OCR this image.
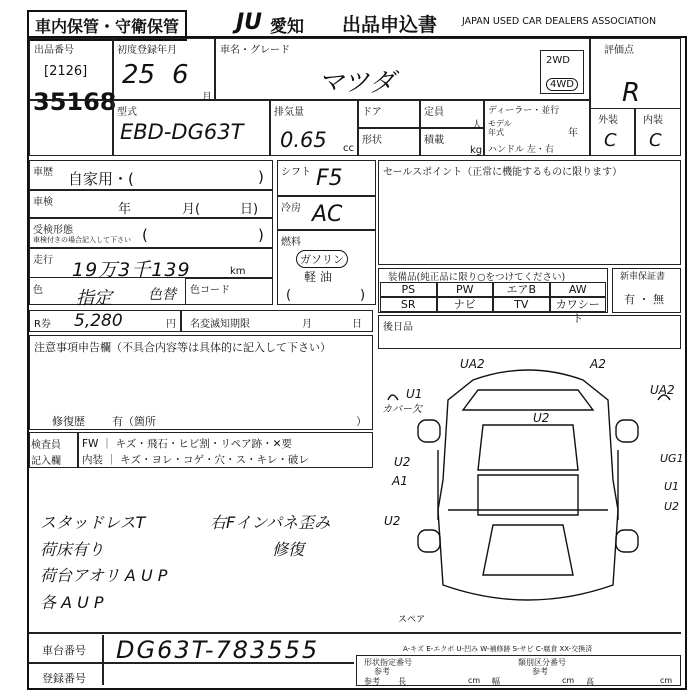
車内保管・守衛保管	JU 愛知 出品申込書	JAPAN USED CAR DEALERS ASSOCIATION
出品番号
[2126]
35168
初度登録年月
25 6
月
車名・グレード
マツダ
2WD
4WD
評価点
R
外装	内装
C C
型式
EBD-DG63T
排気量
0.65 cc
ドア	定員
人
形状	積載
kg
ディーラー・並行
モデル
年式	年
ハンドル 左・右
車歴 自家用・(	)
車検	年	月(	日)
受検形態
車検付きの場合記入して下さい (	)
走行 19万3千139	km
色 指定	色替 色コード
シフト F5
冷房 AC
燃料
ガソリン
軽 油
(	)
セールスポイント（正常に機能するものに限ります）
装備品(純正品に限り○をつけてください)
PS	PW	エアB	AW
SR	ナビ	TV	カワシート
新車保証書
有 ・ 無
R券 5,280	円 名変滅知期限	月	日 後日品
注意事項申告欄（不具合内容等は具体的に記入して下さい）
修復歴 有（箇所	）
検査員
記入欄
FW ｜ キズ・飛石・ヒビ割・リペア跡・✕要
内装 ｜ キズ・ヨレ・コゲ・穴・ス・キレ・破レ
スタッドレスT	右Fインパネ歪み
修復
荷床有り
荷台アオリ A U P
各 A U P
UA2	A2
U1
カバー欠
UA2
U2
U2
A1
U2
UG1
U1
U2
スペア
車台番号 DG63T-783555
登録番号
A-キズ E-エクボ U-凹み W-補修跡 S-サビ C-腐食 XX-交換済
形状指定番号	類別区分番号
参考	参考
参考 長	cm 幅	cm 高	cm
